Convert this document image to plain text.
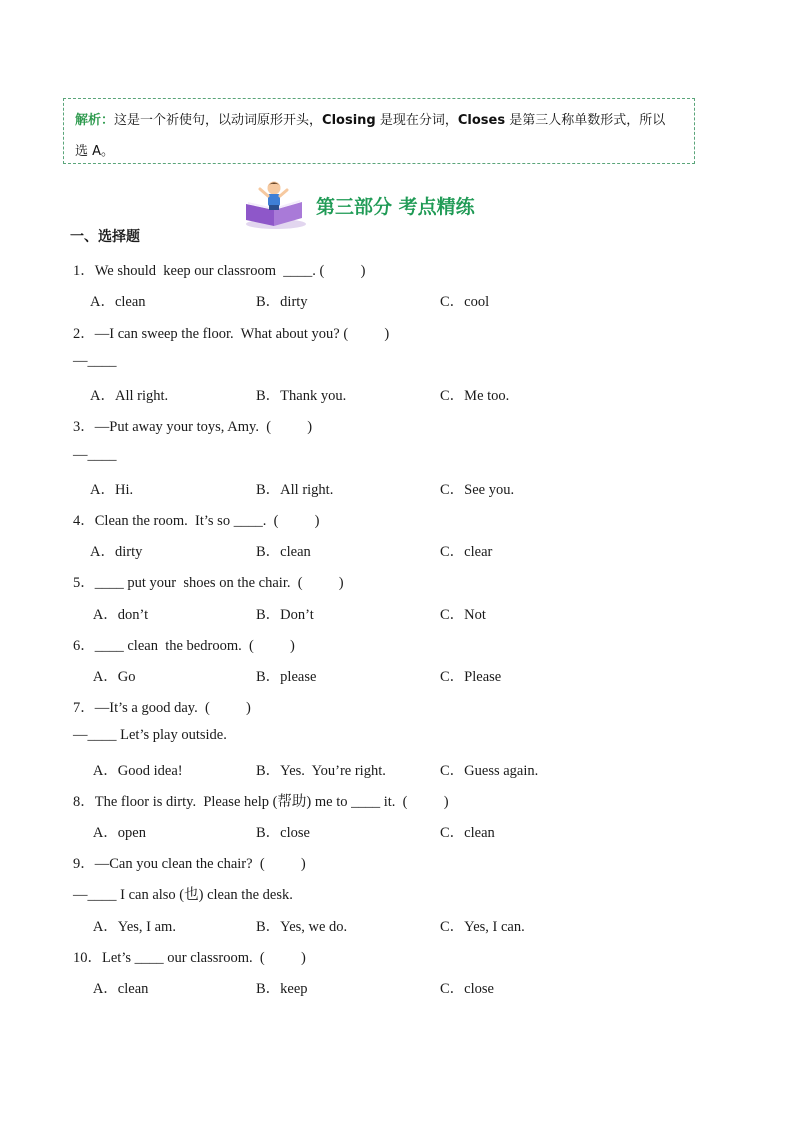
解析：这是一个祈使句，以动词原形开头，Closing 是现在分词，Closes 是第三人称单数形式，所以
选 A。
第三部分 考点精练
一、选择题
1．We should  keep our classroom  ____. (          )
A．clean	B．dirty	C．cool
2．—I can sweep the floor.  What about you? (          )
—____
A．All right.	B．Thank you.	C．Me too.
3．—Put away your toys, Amy.  (          )
—____
A．Hi.	B．All right.	C．See you.
4．Clean the room.  It’s so ____.  (          )
A．dirty	B．clean	C．clear
5．____ put your  shoes on the chair.  (          )
A．don’t	B．Don’t	C．Not
6．____ clean  the bedroom.  (          )
A．Go	B．please	C．Please
7．—It’s a good day.  (          )
—____ Let’s play outside.
A．Good idea!	B．Yes.  You’re right.	C．Guess again.
8．The floor is dirty.  Please help (帮助) me to ____ it.  (          )
A．open	B．close	C．clean
9．—Can you clean the chair?  (          )
—____ I can also (也) clean the desk.
A．Yes, I am.	B．Yes, we do.	C．Yes, I can.
10．Let’s ____ our classroom.  (          )
A．clean	B．keep	C．close
